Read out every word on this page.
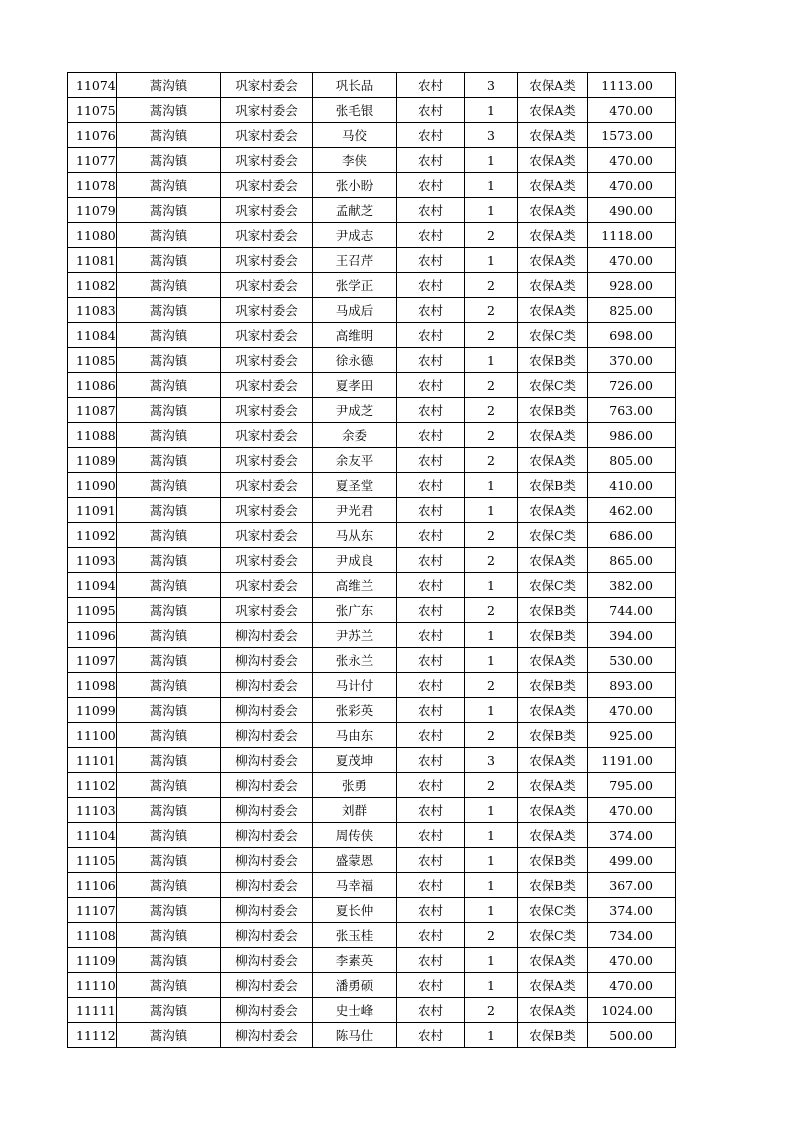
11074	蒿沟镇	巩家村委会	巩长品	农村	3	农保A类	1113.00
11075	蒿沟镇	巩家村委会	张毛银	农村	1	农保A类	470.00
11076	蒿沟镇	巩家村委会	马佼	农村	3	农保A类	1573.00
11077	蒿沟镇	巩家村委会	李侠	农村	1	农保A类	470.00
11078	蒿沟镇	巩家村委会	张小盼	农村	1	农保A类	470.00
11079	蒿沟镇	巩家村委会	孟献芝	农村	1	农保A类	490.00
11080	蒿沟镇	巩家村委会	尹成志	农村	2	农保A类	1118.00
11081	蒿沟镇	巩家村委会	王召芹	农村	1	农保A类	470.00
11082	蒿沟镇	巩家村委会	张学正	农村	2	农保A类	928.00
11083	蒿沟镇	巩家村委会	马成后	农村	2	农保A类	825.00
11084	蒿沟镇	巩家村委会	高维明	农村	2	农保C类	698.00
11085	蒿沟镇	巩家村委会	徐永德	农村	1	农保B类	370.00
11086	蒿沟镇	巩家村委会	夏孝田	农村	2	农保C类	726.00
11087	蒿沟镇	巩家村委会	尹成芝	农村	2	农保B类	763.00
11088	蒿沟镇	巩家村委会	余委	农村	2	农保A类	986.00
11089	蒿沟镇	巩家村委会	余友平	农村	2	农保A类	805.00
11090	蒿沟镇	巩家村委会	夏圣堂	农村	1	农保B类	410.00
11091	蒿沟镇	巩家村委会	尹光君	农村	1	农保A类	462.00
11092	蒿沟镇	巩家村委会	马从东	农村	2	农保C类	686.00
11093	蒿沟镇	巩家村委会	尹成良	农村	2	农保A类	865.00
11094	蒿沟镇	巩家村委会	高维兰	农村	1	农保C类	382.00
11095	蒿沟镇	巩家村委会	张广东	农村	2	农保B类	744.00
11096	蒿沟镇	柳沟村委会	尹苏兰	农村	1	农保B类	394.00
11097	蒿沟镇	柳沟村委会	张永兰	农村	1	农保A类	530.00
11098	蒿沟镇	柳沟村委会	马计付	农村	2	农保B类	893.00
11099	蒿沟镇	柳沟村委会	张彩英	农村	1	农保A类	470.00
11100	蒿沟镇	柳沟村委会	马由东	农村	2	农保B类	925.00
11101	蒿沟镇	柳沟村委会	夏茂坤	农村	3	农保A类	1191.00
11102	蒿沟镇	柳沟村委会	张勇	农村	2	农保A类	795.00
11103	蒿沟镇	柳沟村委会	刘群	农村	1	农保A类	470.00
11104	蒿沟镇	柳沟村委会	周传侠	农村	1	农保A类	374.00
11105	蒿沟镇	柳沟村委会	盛蒙恩	农村	1	农保B类	499.00
11106	蒿沟镇	柳沟村委会	马幸福	农村	1	农保B类	367.00
11107	蒿沟镇	柳沟村委会	夏长仲	农村	1	农保C类	374.00
11108	蒿沟镇	柳沟村委会	张玉桂	农村	2	农保C类	734.00
11109	蒿沟镇	柳沟村委会	李素英	农村	1	农保A类	470.00
11110	蒿沟镇	柳沟村委会	潘勇硕	农村	1	农保A类	470.00
11111	蒿沟镇	柳沟村委会	史士峰	农村	2	农保A类	1024.00
11112	蒿沟镇	柳沟村委会	陈马仕	农村	1	农保B类	500.00
